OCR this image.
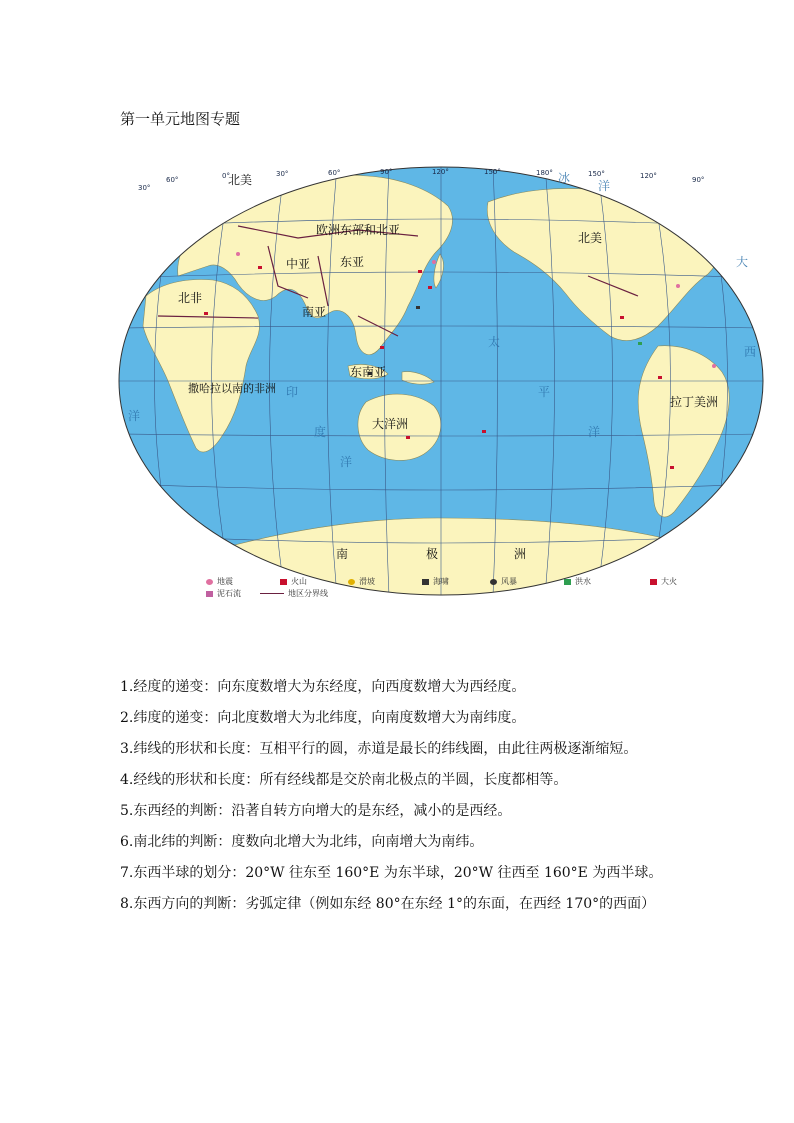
第一单元地图专题
0°	30°	60°	90°	120°	150°	180°	150°	120°	90°
60°
30°
北美
欧洲东部和北亚
中亚 东亚
北非
南亚
东南亚
撒哈拉以南的非洲
大洋洲
北美
拉丁美洲
南	极	洲
冰
洋
太
平
洋
大
西
洋
印
度
洋
地震	火山	滑坡	海啸	风暴	洪水	大火
泥石流	地区分界线

1.经度的递变：向东度数增大为东经度，向西度数增大为西经度。

2.纬度的递变：向北度数增大为北纬度，向南度数增大为南纬度。

3.纬线的形状和长度：互相平行的圆，赤道是最长的纬线圈，由此往两极逐渐缩短。

4.经线的形状和长度：所有经线都是交於南北极点的半圆，长度都相等。

5.东西经的判断：沿著自转方向增大的是东经，减小的是西经。

6.南北纬的判断：度数向北增大为北纬，向南增大为南纬。

7.东西半球的划分：20°W 往东至 160°E 为东半球，20°W 往西至 160°E 为西半球。

8.东西方向的判断：劣弧定律（例如东经 80°在东经 1°的东面，在西经 170°的西面）
